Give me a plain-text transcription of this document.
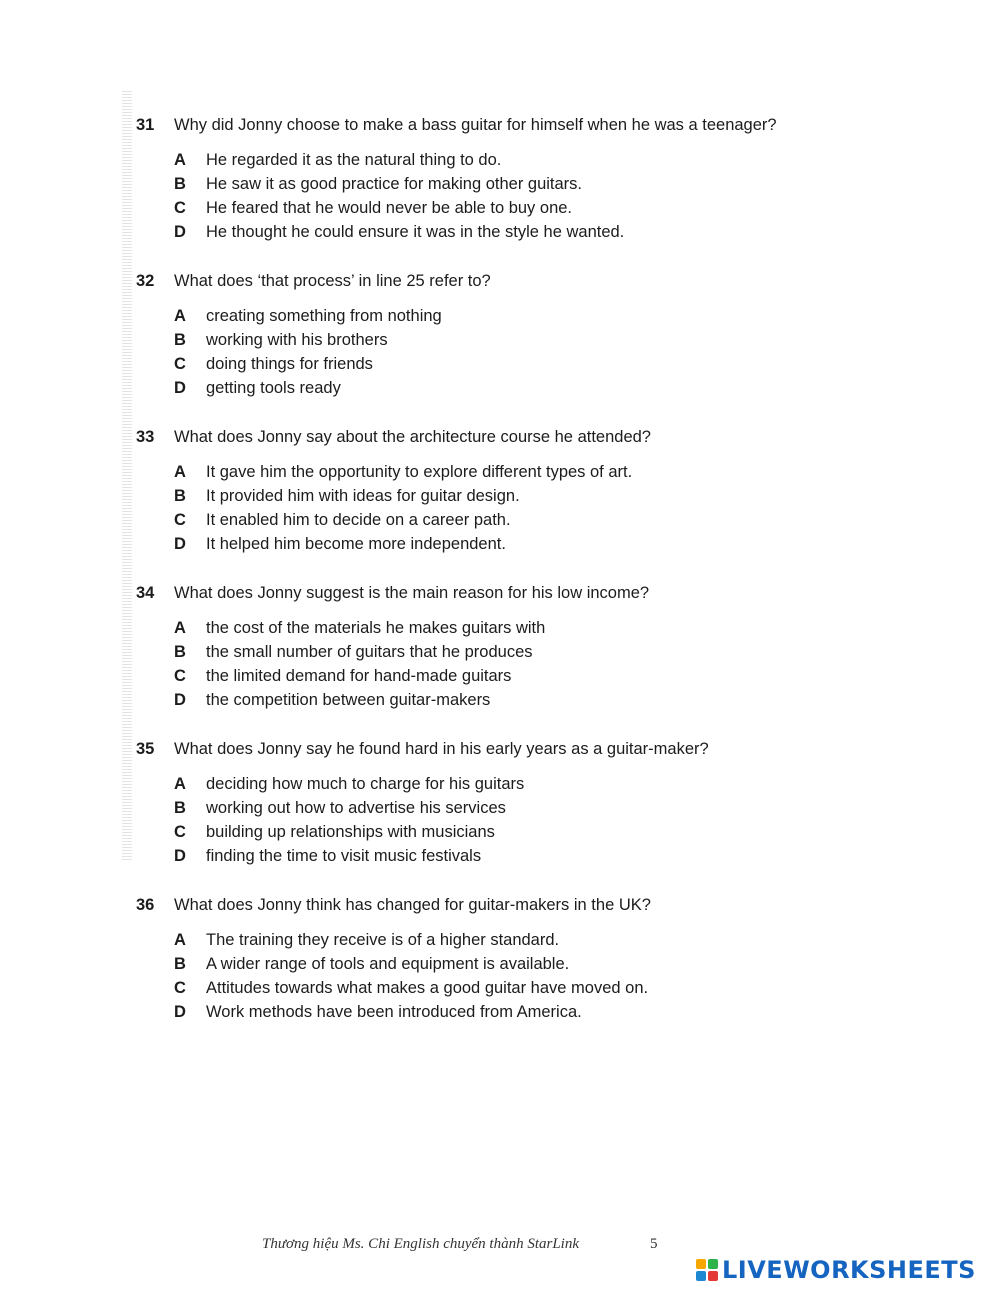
31 Why did Jonny choose to make a bass guitar for himself when he was a teenager?
A He regarded it as the natural thing to do.
B He saw it as good practice for making other guitars.
C He feared that he would never be able to buy one.
D He thought he could ensure it was in the style he wanted.
32 What does ‘that process’ in line 25 refer to?
A creating something from nothing
B working with his brothers
C doing things for friends
D getting tools ready
33 What does Jonny say about the architecture course he attended?
A It gave him the opportunity to explore different types of art.
B It provided him with ideas for guitar design.
C It enabled him to decide on a career path.
D It helped him become more independent.
34 What does Jonny suggest is the main reason for his low income?
A the cost of the materials he makes guitars with
B the small number of guitars that he produces
C the limited demand for hand-made guitars
D the competition between guitar-makers
35 What does Jonny say he found hard in his early years as a guitar-maker?
A deciding how much to charge for his guitars
B working out how to advertise his services
C building up relationships with musicians
D finding the time to visit music festivals
36 What does Jonny think has changed for guitar-makers in the UK?
A The training they receive is of a higher standard.
B A wider range of tools and equipment is available.
C Attitudes towards what makes a good guitar have moved on.
D Work methods have been introduced from America.
Thương hiệu Ms. Chi English chuyển thành StarLink	5
LIVEWORKSHEETS
